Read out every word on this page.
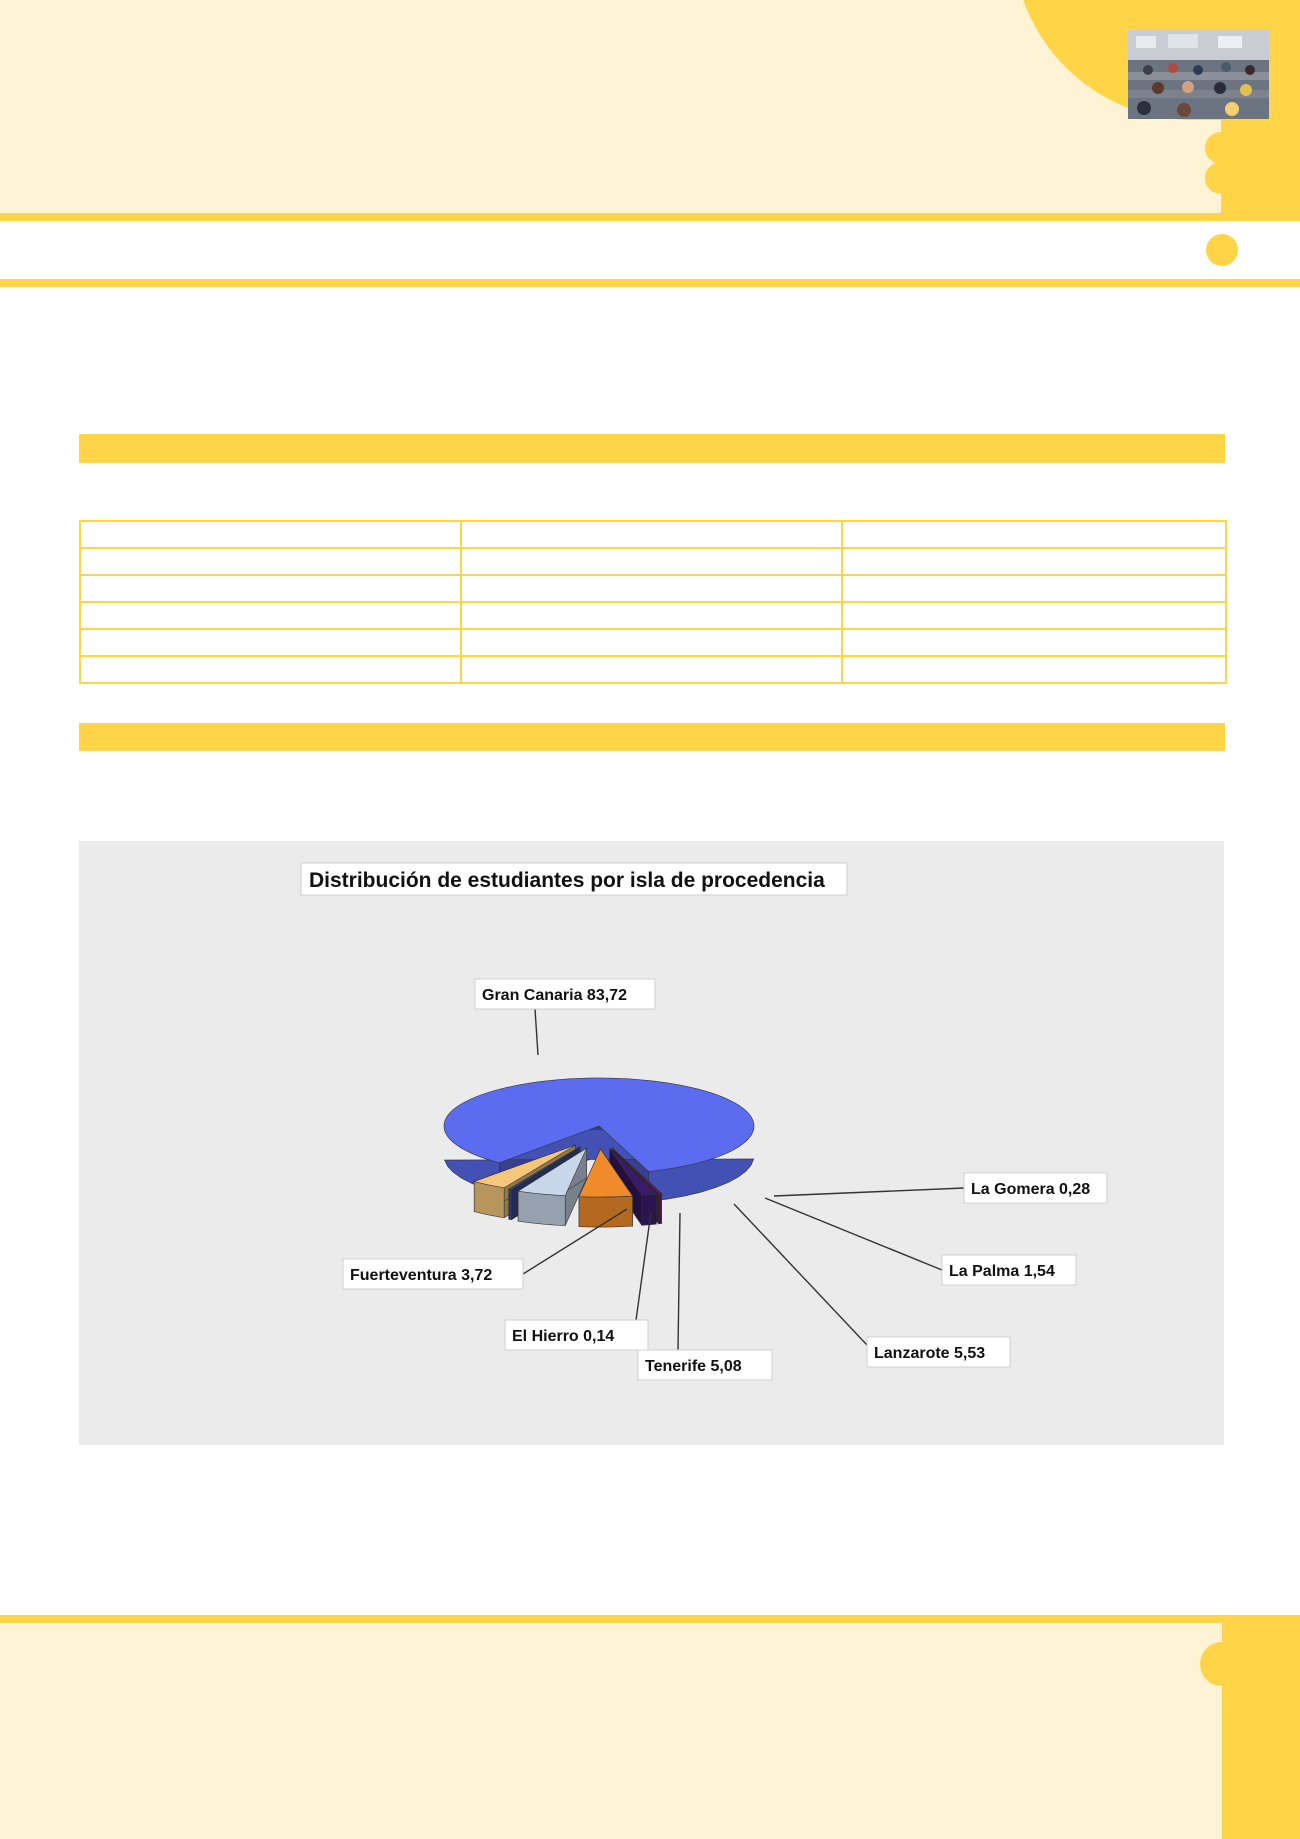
Distribución de estudiantes por isla de procedencia
Gran Canaria 83,72
La Gomera 0,28
La Palma 1,54
Lanzarote 5,53
Tenerife 5,08
El Hierro 0,14
Fuerteventura 3,72
